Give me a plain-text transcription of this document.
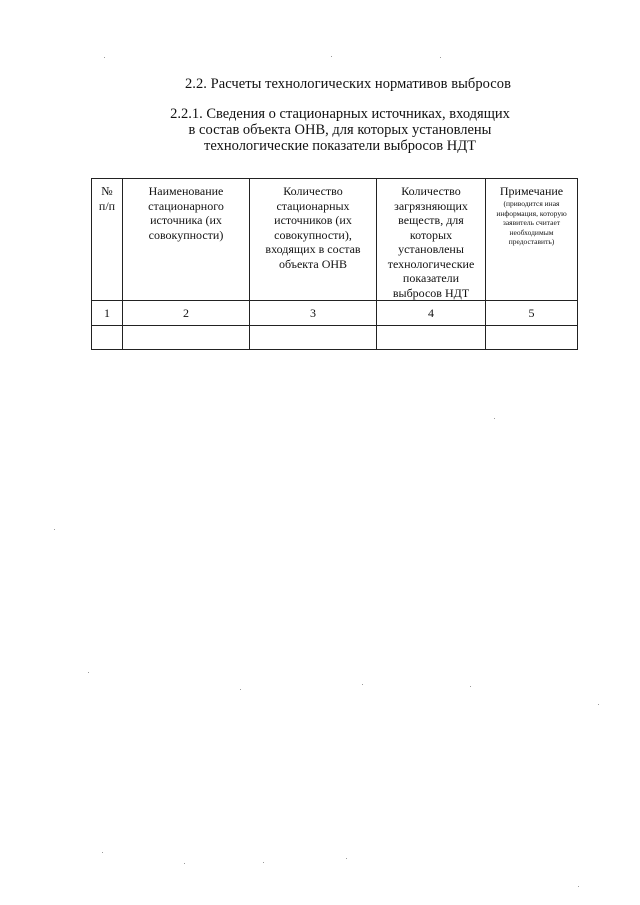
2.2. Расчеты технологических нормативов выбросов
2.2.1. Сведения о стационарных источниках, входящих
в состав объекта ОНВ, для которых установлены
технологические показатели выбросов НДТ
№ п/п	Наименование стационарного источника (их совокупности)	Количество стационарных источников (их совокупности), входящих в состав объекта ОНВ	Количество загрязняющих веществ, для которых установлены технологические показатели выбросов НДТ	Примечание
(приводится иная информация, которую заявитель считает необходимым предоставить)

1	2	3	4	5
